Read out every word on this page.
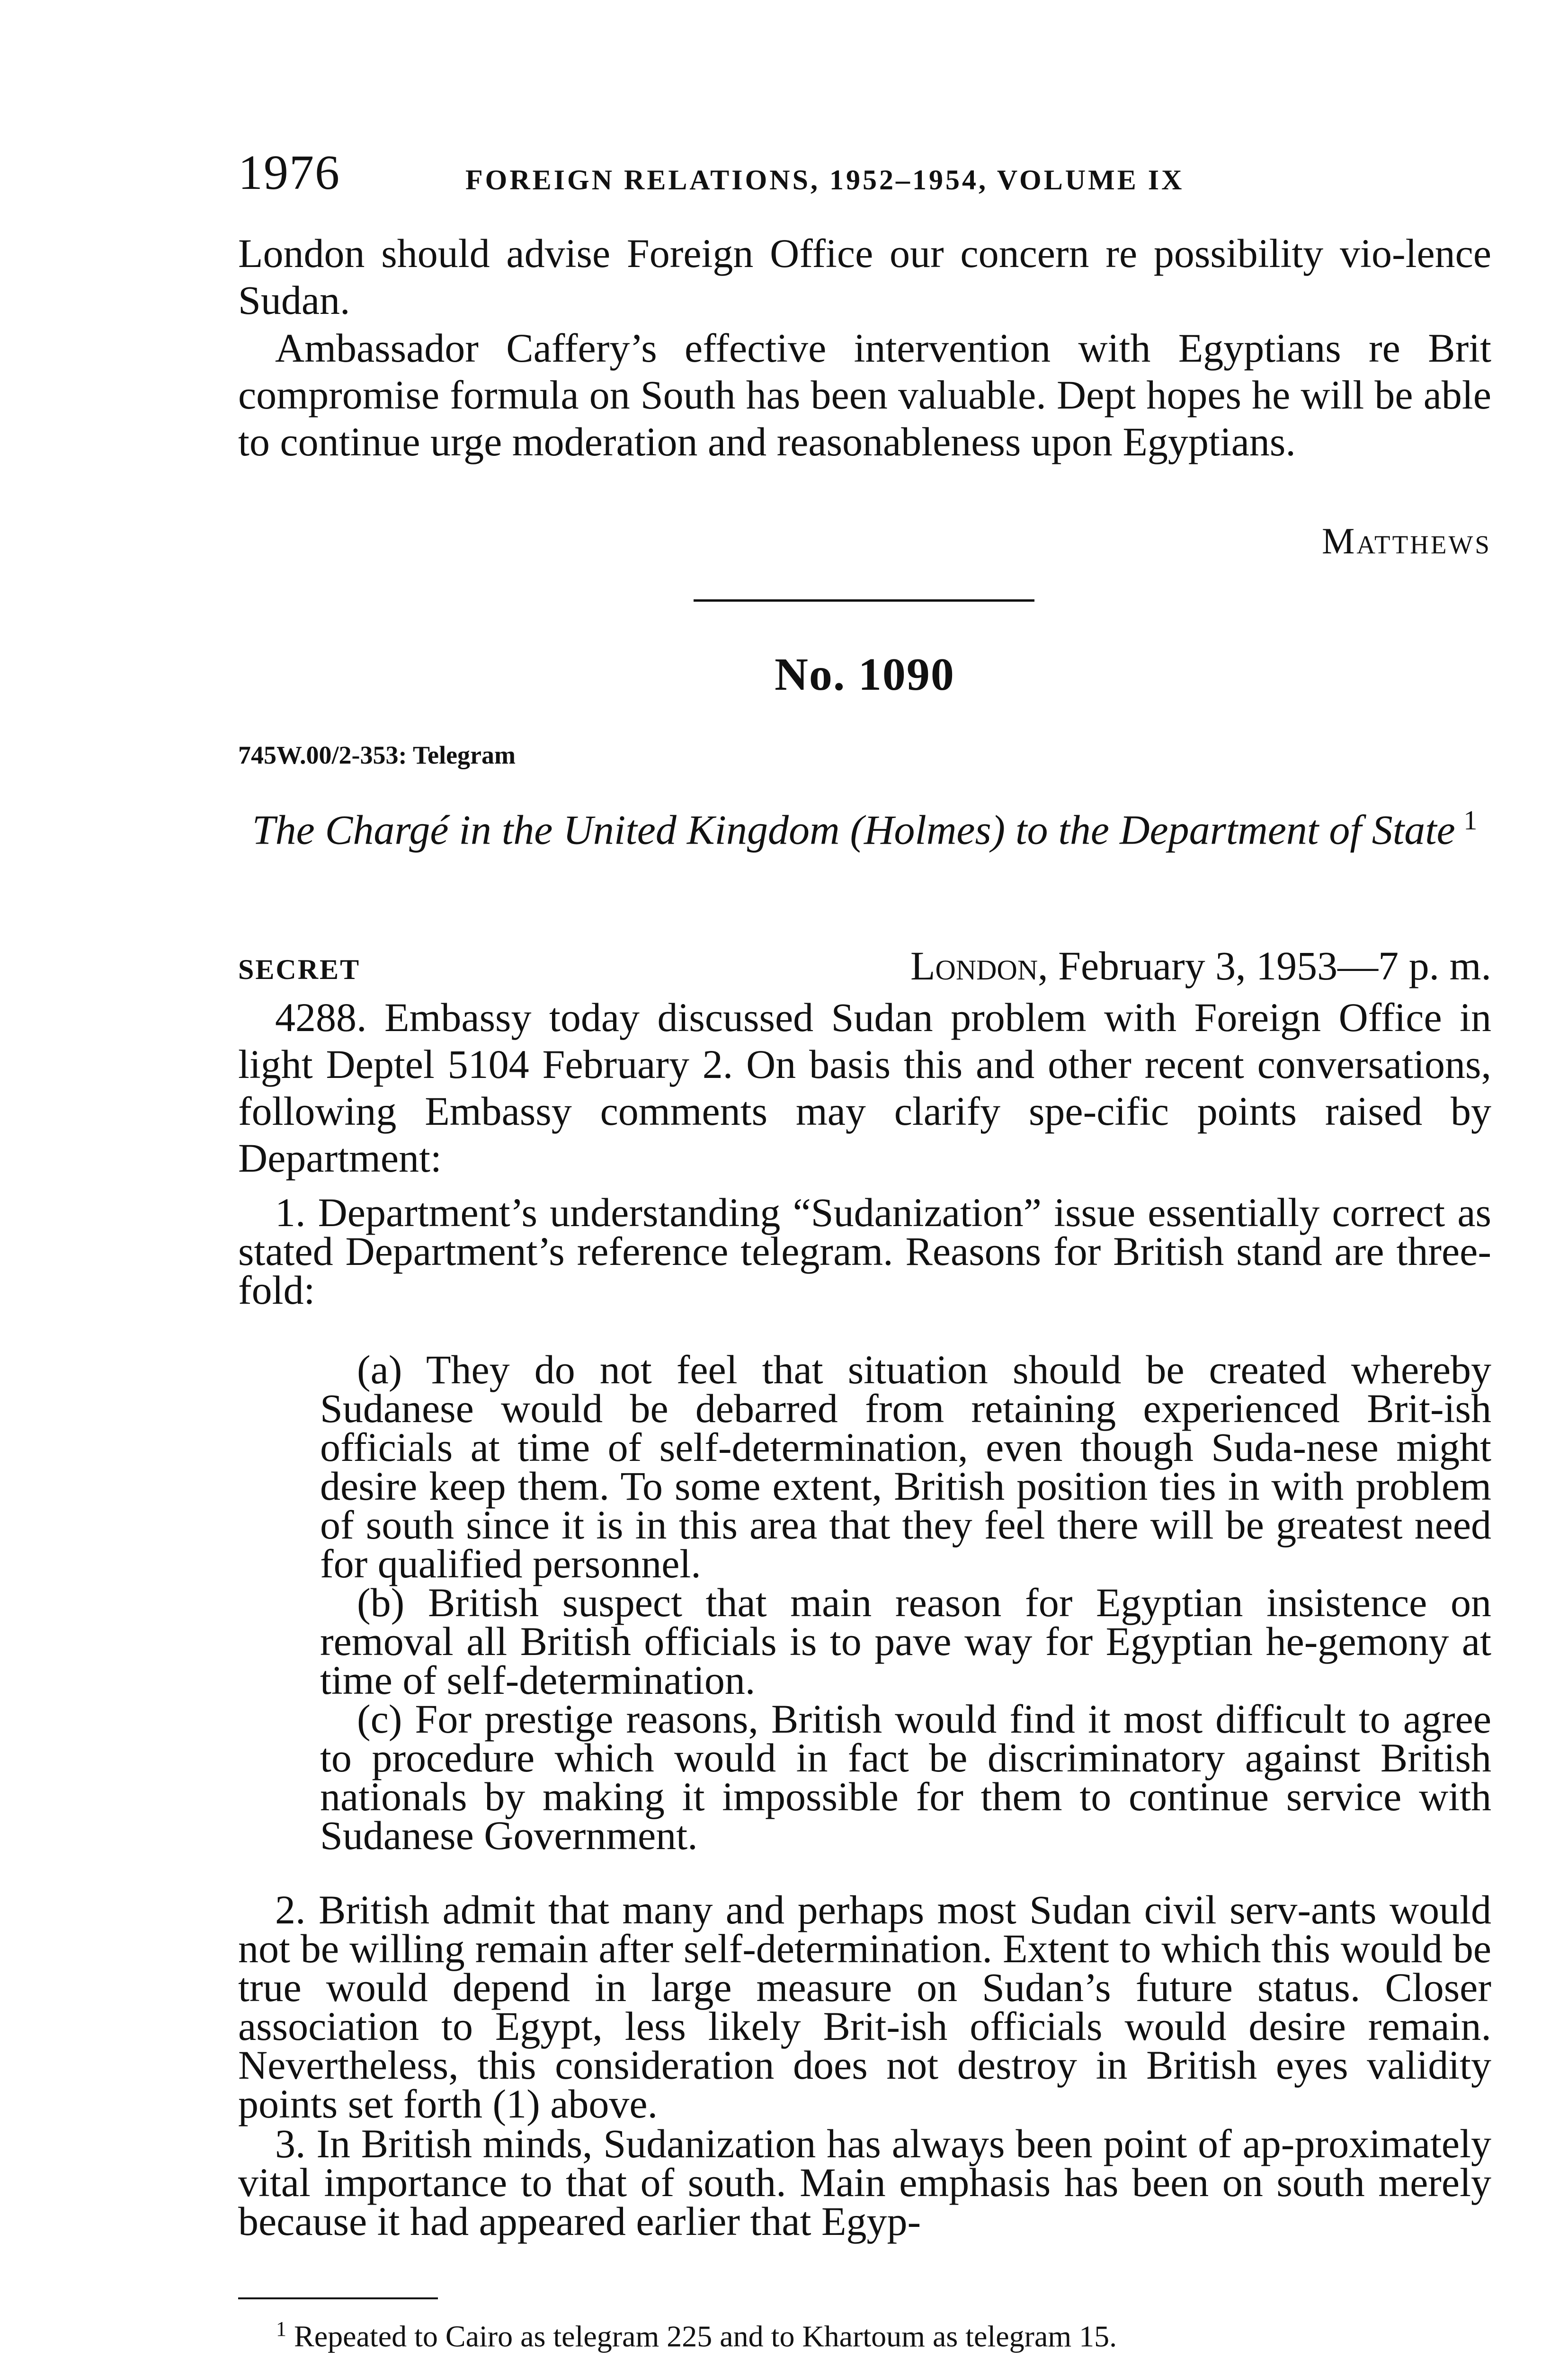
1976	FOREIGN RELATIONS, 1952–1954, VOLUME IX

London should advise Foreign Office our concern re possibility vio-lence Sudan.

Ambassador Caffery’s effective intervention with Egyptians re Brit compromise formula on South has been valuable. Dept hopes he will be able to continue urge moderation and reasonableness upon Egyptians.

Matthews
No. 1090
745W.00/2-353: Telegram

The Chargé in the United Kingdom (Holmes) to the Department of State  $^1$

SECRET	London, February 3, 1953—7 p. m.

4288. Embassy today discussed Sudan problem with Foreign Office in light Deptel 5104 February 2. On basis this and other recent conversations, following Embassy comments may clarify spe-cific points raised by Department:

1. Department’s understanding “Sudanization” issue essentially correct as stated Department’s reference telegram. Reasons for British stand are three-fold:

(a) They do not feel that situation should be created whereby Sudanese would be debarred from retaining experienced Brit-ish officials at time of self-determination, even though Suda-nese might desire keep them. To some extent, British position ties in with problem of south since it is in this area that they feel there will be greatest need for qualified personnel.

(b) British suspect that main reason for Egyptian insistence on removal all British officials is to pave way for Egyptian he-gemony at time of self-determination.

(c) For prestige reasons, British would find it most difficult to agree to procedure which would in fact be discriminatory against British nationals by making it impossible for them to continue service with Sudanese Government.

2. British admit that many and perhaps most Sudan civil serv-ants would not be willing remain after self-determination. Extent to which this would be true would depend in large measure on Sudan’s future status. Closer association to Egypt, less likely Brit-ish officials would desire remain. Nevertheless, this consideration does not destroy in British eyes validity points set forth (1) above.

3. In British minds, Sudanization has always been point of ap-proximately vital importance to that of south. Main emphasis has been on south merely because it had appeared earlier that Egyp-

$^1$ Repeated to Cairo as telegram 225 and to Khartoum as telegram 15.
